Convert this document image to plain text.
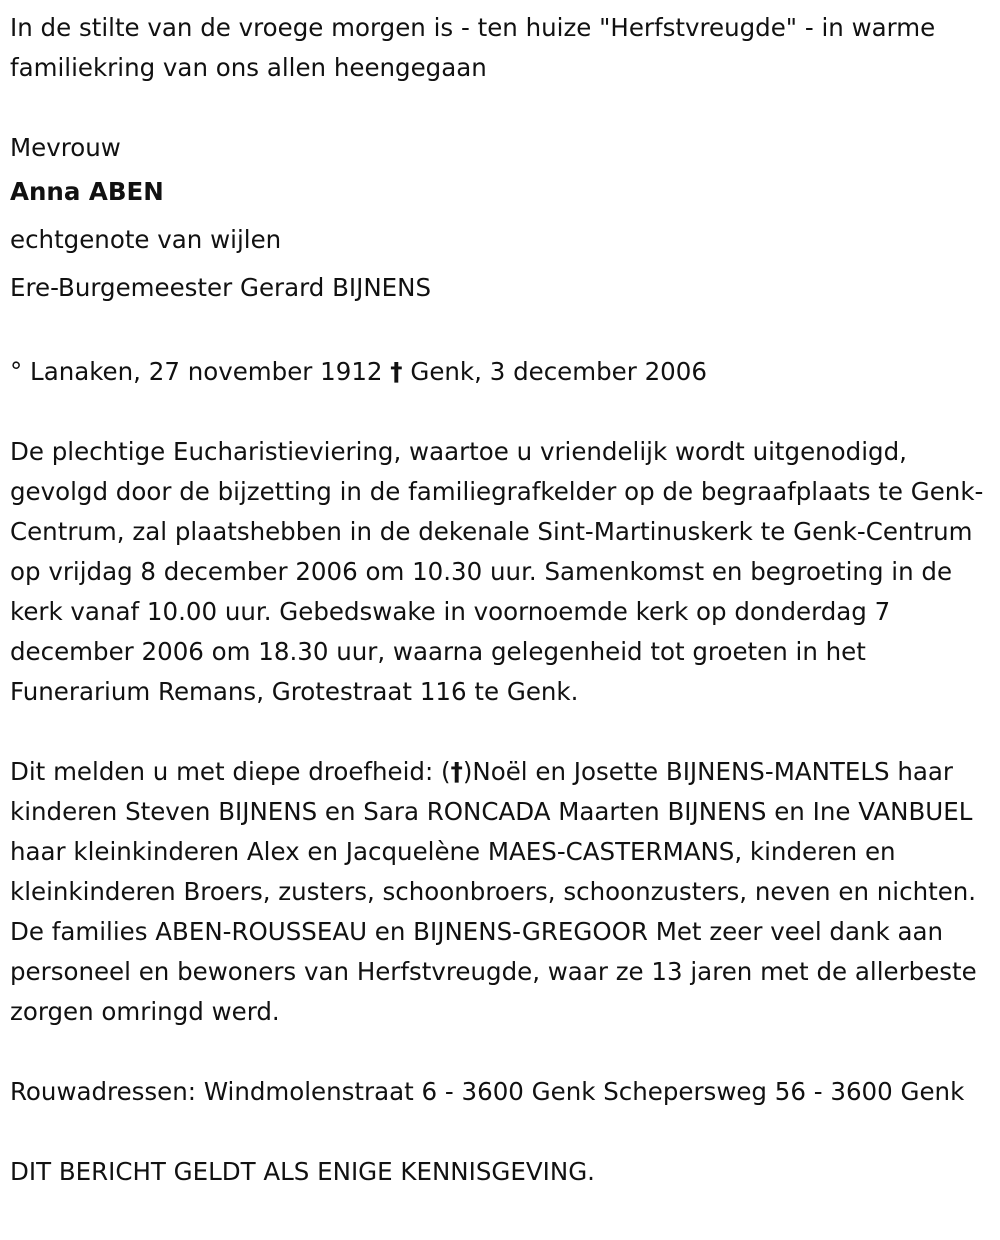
In de stilte van de vroege morgen is - ten huize "Herfstvreugde" - in warme familiekring van ons allen heengegaan

Mevrouw

Anna ABEN

echtgenote van wijlen

Ere-Burgemeester Gerard BIJNENS

° Lanaken, 27 november 1912 † Genk, 3 december 2006

De plechtige Eucharistieviering, waartoe u vriendelijk wordt uitgenodigd, gevolgd door de bijzetting in de familiegrafkelder op de begraafplaats te Genk-Centrum, zal plaatshebben in de dekenale Sint-Martinuskerk te Genk-Centrum op vrijdag 8 december 2006 om 10.30 uur. Samenkomst en begroeting in de kerk vanaf 10.00 uur. Gebedswake in voornoemde kerk op donderdag 7 december 2006 om 18.30 uur, waarna gelegenheid tot groeten in het Funerarium Remans, Grotestraat 116 te Genk.

Dit melden u met diepe droefheid: (†)Noël en Josette BIJNENS-MANTELS haar kinderen Steven BIJNENS en Sara RONCADA Maarten BIJNENS en Ine VANBUEL haar kleinkinderen Alex en Jacquelène MAES-CASTERMANS, kinderen en kleinkinderen Broers, zusters, schoonbroers, schoonzusters, neven en nichten. De families ABEN-ROUSSEAU en BIJNENS-GREGOOR Met zeer veel dank aan personeel en bewoners van Herfstvreugde, waar ze 13 jaren met de allerbeste zorgen omringd werd.

Rouwadressen: Windmolenstraat 6 - 3600 Genk Schepersweg 56 - 3600 Genk

DIT BERICHT GELDT ALS ENIGE KENNISGEVING.
